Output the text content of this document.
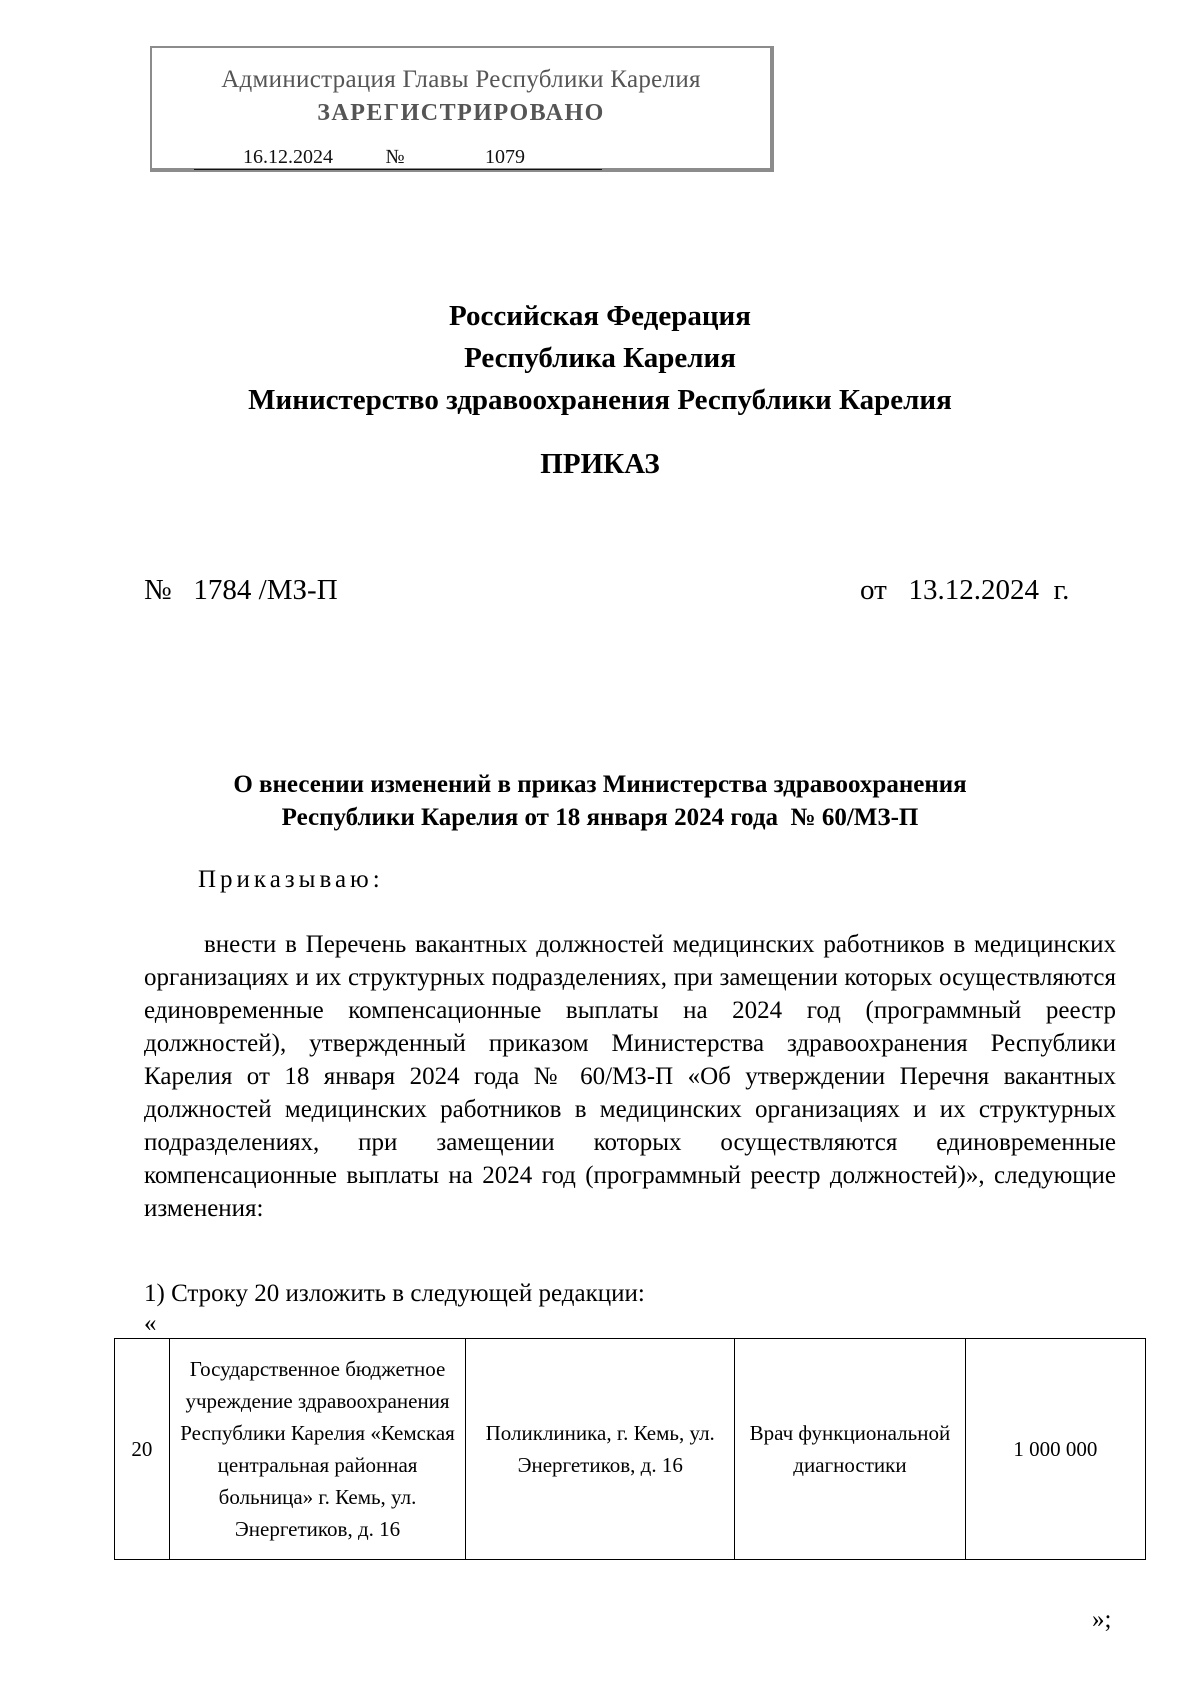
Администрация Главы Республики Карелия
ЗАРЕГИСТРИРОВАНО
16.12.2024	№	1079
Российская Федерация
Республика Карелия
Министерство здравоохранения Республики Карелия
ПРИКАЗ
№   1784 /МЗ-П	от   13.12.2024  г.
О внесении изменений в приказ Министерства здравоохранения
Республики Карелия от 18 января 2024 года  № 60/МЗ-П
Приказываю:
внести в Перечень вакантных должностей медицинских работников в медицинских организациях и их структурных подразделениях, при замещении которых осуществляются единовременные компенсационные выплаты на 2024 год (программный реестр должностей), утвержденный приказом Министерства здравоохранения Республики Карелия от 18 января 2024 года № 60/МЗ-П «Об утверждении Перечня вакантных должностей медицинских работников в медицинских организациях и их структурных подразделениях, при замещении которых осуществляются единовременные компенсационные выплаты на 2024 год (программный реестр должностей)», следующие изменения:
1) Строку 20 изложить в следующей редакции:
«
20	Государственное бюджетное учреждение здравоохранения Республики Карелия «Кемская центральная районная больница» г. Кемь, ул. Энергетиков, д. 16	Поликлиника, г. Кемь, ул. Энергетиков, д. 16	Врач функциональной диагностики	1 000 000
»;
